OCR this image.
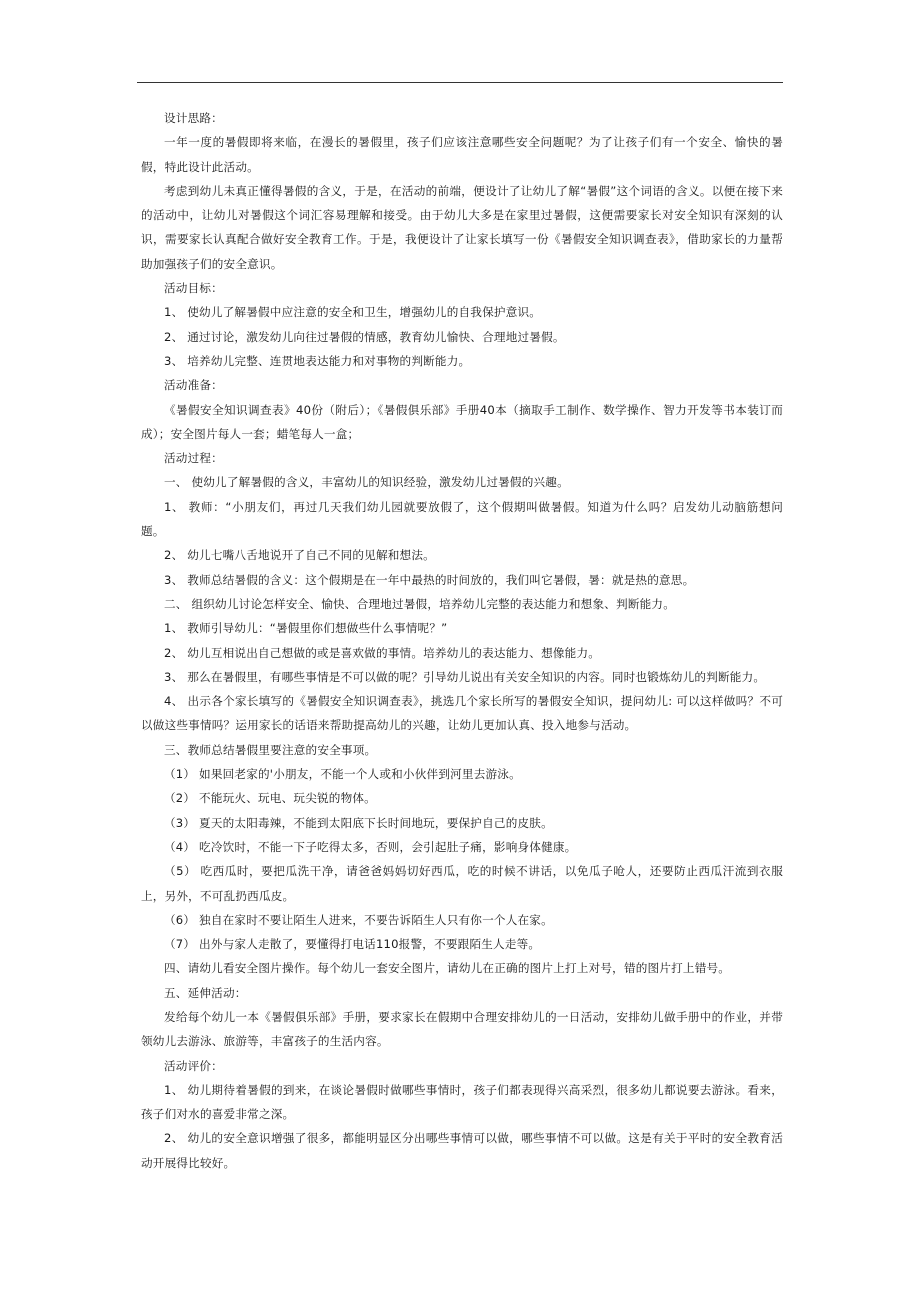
设计思路：

一年一度的暑假即将来临，在漫长的暑假里，孩子们应该注意哪些安全问题呢？为了让孩子们有一个安全、愉快的暑假，特此设计此活动。

考虑到幼儿未真正懂得暑假的含义，于是，在活动的前端，便设计了让幼儿了解“暑假”这个词语的含义。以便在接下来的活动中，让幼儿对暑假这个词汇容易理解和接受。由于幼儿大多是在家里过暑假，这便需要家长对安全知识有深刻的认识，需要家长认真配合做好安全教育工作。于是，我便设计了让家长填写一份《暑假安全知识调查表》，借助家长的力量帮助加强孩子们的安全意识。

活动目标：

1、 使幼儿了解暑假中应注意的安全和卫生，增强幼儿的自我保护意识。

2、 通过讨论，激发幼儿向往过暑假的情感，教育幼儿愉快、合理地过暑假。

3、 培养幼儿完整、连贯地表达能力和对事物的判断能力。

活动准备：

《暑假安全知识调查表》40份（附后）；《暑假俱乐部》手册40本（摘取手工制作、数学操作、智力开发等书本装订而成）；安全图片每人一套；蜡笔每人一盒；

活动过程：

一、 使幼儿了解暑假的含义，丰富幼儿的知识经验，激发幼儿过暑假的兴趣。

1、 教师：“小朋友们，再过几天我们幼儿园就要放假了，这个假期叫做暑假。知道为什么吗？启发幼儿动脑筋想问题。

2、 幼儿七嘴八舌地说开了自己不同的见解和想法。

3、 教师总结暑假的含义：这个假期是在一年中最热的时间放的，我们叫它暑假，暑：就是热的意思。

二、 组织幼儿讨论怎样安全、愉快、合理地过暑假，培养幼儿完整的表达能力和想象、判断能力。

1、 教师引导幼儿：“暑假里你们想做些什么事情呢？”

2、 幼儿互相说出自己想做的或是喜欢做的事情。培养幼儿的表达能力、想像能力。

3、 那么在暑假里，有哪些事情是不可以做的呢？引导幼儿说出有关安全知识的内容。同时也锻炼幼儿的判断能力。

4、 出示各个家长填写的《暑假安全知识调查表》，挑选几个家长所写的暑假安全知识，提问幼儿: 可以这样做吗？不可以做这些事情吗？运用家长的话语来帮助提高幼儿的兴趣，让幼儿更加认真、投入地参与活动。

三、教师总结暑假里要注意的安全事项。

（1） 如果回老家的'小朋友，不能一个人或和小伙伴到河里去游泳。

（2） 不能玩火、玩电、玩尖锐的物体。

（3） 夏天的太阳毒辣，不能到太阳底下长时间地玩，要保护自己的皮肤。

（4） 吃冷饮时，不能一下子吃得太多，否则，会引起肚子痛，影响身体健康。

（5） 吃西瓜时，要把瓜洗干净，请爸爸妈妈切好西瓜，吃的时候不讲话，以免瓜子呛人，还要防止西瓜汗流到衣服上，另外，不可乱扔西瓜皮。

（6） 独自在家时不要让陌生人进来，不要告诉陌生人只有你一个人在家。

（7） 出外与家人走散了，要懂得打电话110报警，不要跟陌生人走等。

四、请幼儿看安全图片操作。每个幼儿一套安全图片，请幼儿在正确的图片上打上对号，错的图片打上错号。

五、延伸活动：

发给每个幼儿一本《暑假俱乐部》手册，要求家长在假期中合理安排幼儿的一日活动，安排幼儿做手册中的作业，并带领幼儿去游泳、旅游等，丰富孩子的生活内容。

活动评价：

1、 幼儿期待着暑假的到来，在谈论暑假时做哪些事情时，孩子们都表现得兴高采烈，很多幼儿都说要去游泳。看来，孩子们对水的喜爱非常之深。

2、 幼儿的安全意识增强了很多，都能明显区分出哪些事情可以做，哪些事情不可以做。这是有关于平时的安全教育活动开展得比较好。
